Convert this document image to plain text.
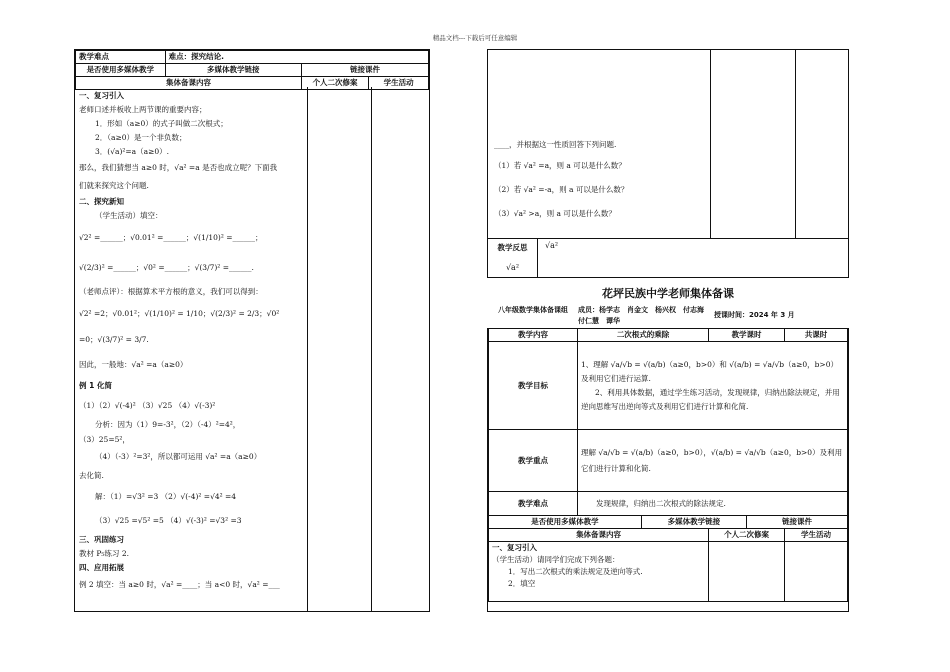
精品文档---下载后可任意编辑
教学难点	难点：探究结论.		
是否使用多媒体教学	多媒体教学链接	链接课件	
集体备课内容		个人二次修案	学生活动
一、复习引入
老师口述并板收上两节课的重要内容；
1．形如（a≥0）的式子叫做二次根式；
2．（a≥0）是一个非负数；
3．(√a)²=a（a≥0）.
那么，我们猜想当 a≥0 时，√a² =a 是否也成立呢？下面我
们就来探究这个问题.
二、探究新知
（学生活动）填空：
√2² =______；√0.01² =______；√(1/10)² =______；
√(2/3)² =______；√0² =______；√(3/7)² =______.
（老师点评）：根据算术平方根的意义，我们可以得到：
√2² =2；√0.01²；√(1/10)² = 1/10；√(2/3)² = 2/3；√0²
=0；√(3/7)² = 3/7.
因此，一般地：√a² =a（a≥0）
例 1 化简
（1）（2）√(-4)² （3）√25 （4）√(-3)²
分析：因为（1）9=-3²，（2）（-4）²=4²，
（3）25=5²，
（4）（-3）²=3²，所以都可运用 √a² =a（a≥0）
去化简.
解：（1）=√3² =3 （2）√(-4)² =√4² =4
（3）√25 =√5² =5 （4）√(-3)² =√3² =3
三、巩固练习
教材 P₅练习 2.
四、应用拓展
例 2 填空：当 a≥0 时，√a² =____；当 a<0 时，√a² =___
____，并根据这一性质回答下列问题.
（1）若 √a² =a，则 a 可以是什么数？
（2）若 √a² =-a，则 a 可以是什么数？
（3）√a² >a，则 a 可以是什么数？
教学反思
√a²
√a²
花坪民族中学老师集体备课
八年级数学集体备课组 成员：杨学志　肖金文　杨兴权　付志海　付仁慧　谭华
授课时间：2024 年 3 月
教学内容	二次根式的乘除		教学课时		共课时
教学目标	1、理解 √a/√b = √(a/b)（a≥0，b>0）和 √(a/b) = √a/√b（a≥0，b>0）及利用它们进行运算.
2、利用具体数据，通过学生练习活动，发现规律，归纳出除法规定，并用逆向思维写出逆向等式及利用它们进行计算和化简.				

教学重点	理解 √a/√b = √(a/b)（a≥0，b>0），√(a/b) = √a/√b（a≥0，b>0）及利用它们进行计算和化简.				
教学难点	发现规律，归纳出二次根式的除法规定.				
是否使用多媒体教学		多媒体教学链接		链接课件	
集体备课内容			个人二次修案		学生活动

一、复习引入
（学生活动）请同学们完成下列各题：
1．写出二次根式的乘法规定及逆向等式.
2．填空					
